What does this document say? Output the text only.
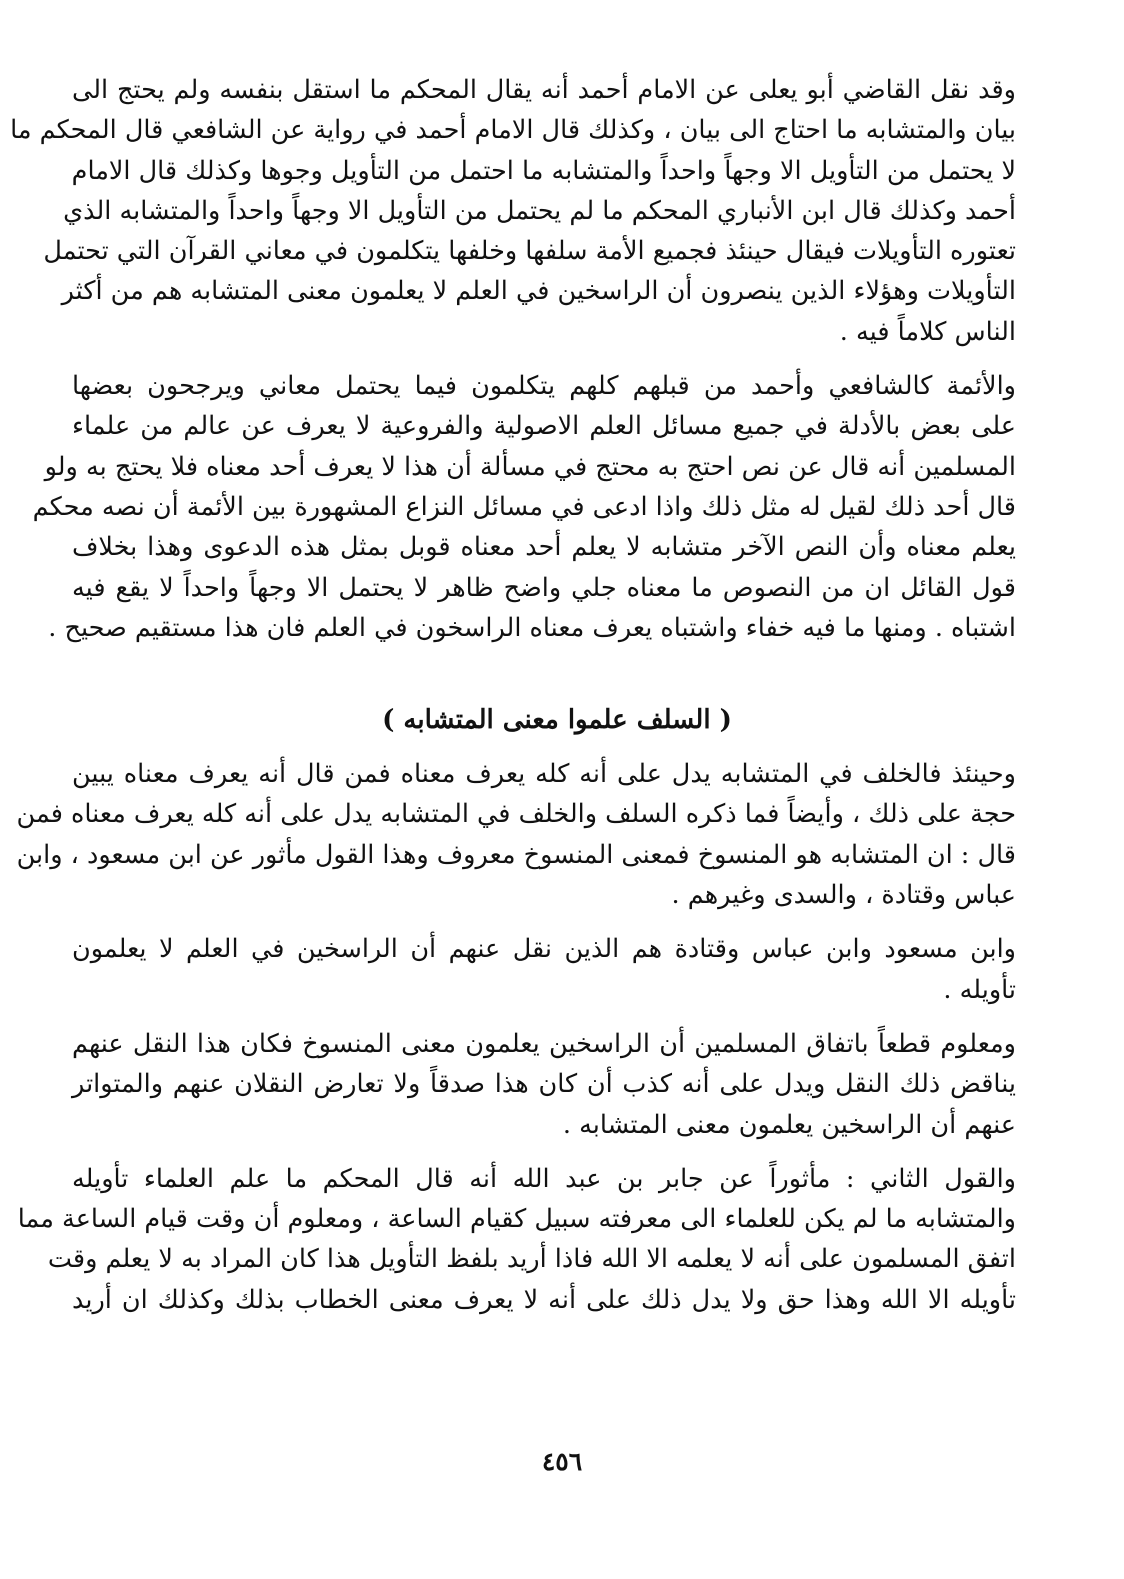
وقد نقل القاضي أبو يعلى عن الامام أحمد أنه يقال المحكم ما استقل بنفسه ولم يحتج الى
بيان والمتشابه ما احتاج الى بيان ، وكذلك قال الامام أحمد في رواية عن الشافعي قال المحكم ما
لا يحتمل من التأويل الا وجهاً واحداً والمتشابه ما احتمل من التأويل وجوها وكذلك قال الامام
أحمد وكذلك قال ابن الأنباري المحكم ما لم يحتمل من التأويل الا وجهاً واحداً والمتشابه الذي
تعتوره التأويلات فيقال حينئذ فجميع الأمة سلفها وخلفها يتكلمون في معاني القرآن التي تحتمل
التأويلات وهؤلاء الذين ينصرون أن الراسخين في العلم لا يعلمون معنى المتشابه هم من أكثر
الناس كلاماً فيه .

والأئمة كالشافعي وأحمد من قبلهم كلهم يتكلمون فيما يحتمل معاني ويرجحون بعضها
على بعض بالأدلة في جميع مسائل العلم الاصولية والفروعية لا يعرف عن عالم من علماء
المسلمين أنه قال عن نص احتج به محتج في مسألة أن هذا لا يعرف أحد معناه فلا يحتج به ولو
قال أحد ذلك لقيل له مثل ذلك واذا ادعى في مسائل النزاع المشهورة بين الأئمة أن نصه محكم
يعلم معناه وأن النص الآخر متشابه لا يعلم أحد معناه قوبل بمثل هذه الدعوى وهذا بخلاف
قول القائل ان من النصوص ما معناه جلي واضح ظاهر لا يحتمل الا وجهاً واحداً لا يقع فيه
اشتباه . ومنها ما فيه خفاء واشتباه يعرف معناه الراسخون في العلم فان هذا مستقيم صحيح .

( السلف علموا معنى المتشابه )

وحينئذ فالخلف في المتشابه يدل على أنه كله يعرف معناه فمن قال أنه يعرف معناه يبين
حجة على ذلك ، وأيضاً فما ذكره السلف والخلف في المتشابه يدل على أنه كله يعرف معناه فمن
قال : ان المتشابه هو المنسوخ فمعنى المنسوخ معروف وهذا القول مأثور عن ابن مسعود ، وابن
عباس وقتادة ، والسدى وغيرهم .

وابن مسعود وابن عباس وقتادة هم الذين نقل عنهم أن الراسخين في العلم لا يعلمون
تأويله .

ومعلوم قطعاً باتفاق المسلمين أن الراسخين يعلمون معنى المنسوخ فكان هذا النقل عنهم
يناقض ذلك النقل ويدل على أنه كذب أن كان هذا صدقاً ولا تعارض النقلان عنهم والمتواتر
عنهم أن الراسخين يعلمون معنى المتشابه .

والقول الثاني : مأثوراً عن جابر بن عبد الله أنه قال المحكم ما علم العلماء تأويله
والمتشابه ما لم يكن للعلماء الى معرفته سبيل كقيام الساعة ، ومعلوم أن وقت قيام الساعة مما
اتفق المسلمون على أنه لا يعلمه الا الله فاذا أريد بلفظ التأويل هذا كان المراد به لا يعلم وقت
تأويله الا الله وهذا حق ولا يدل ذلك على أنه لا يعرف معنى الخطاب بذلك وكذلك ان أريد

٤٥٦
